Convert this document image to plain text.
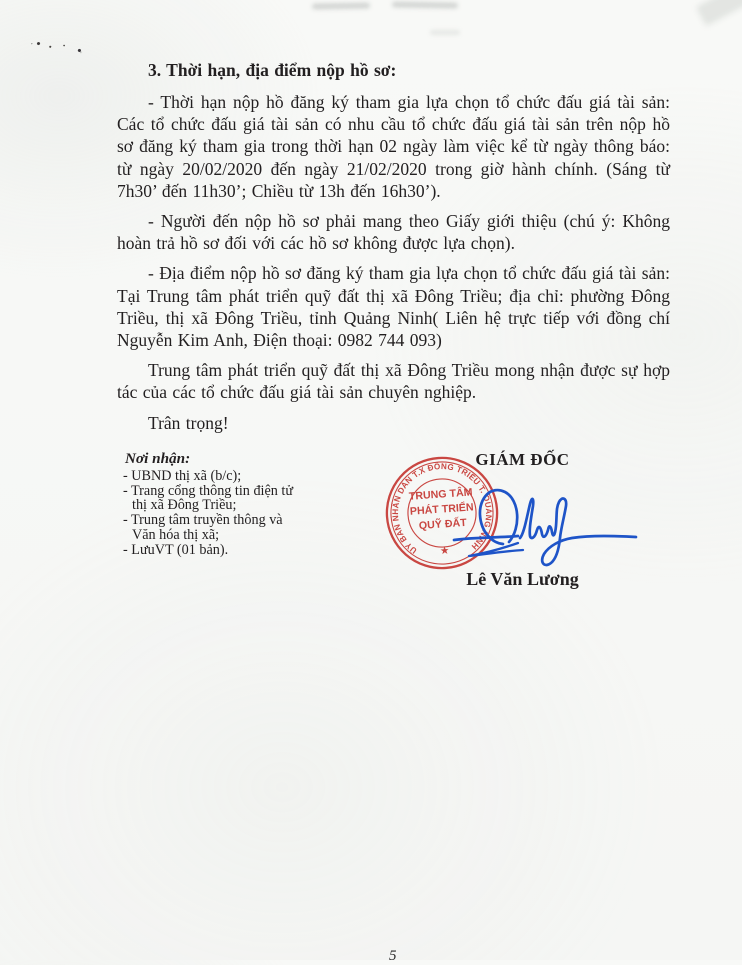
3. Thời hạn, địa điểm nộp hồ sơ:

- Thời hạn nộp hồ đăng ký tham gia lựa chọn tổ chức đấu giá tài sản: Các tổ chức đấu giá tài sản có nhu cầu tổ chức đấu giá tài sản trên nộp hồ sơ đăng ký tham gia trong thời hạn 02 ngày làm việc kể từ ngày thông báo: từ ngày 20/02/2020 đến ngày 21/02/2020 trong giờ hành chính. (Sáng từ 7h30’ đến 11h30’; Chiều từ 13h đến 16h30’).

- Người đến nộp hồ sơ phải mang theo Giấy giới thiệu (chú ý: Không hoàn trả hồ sơ đối với các hồ sơ không được lựa chọn).

- Địa điểm nộp hồ sơ đăng ký tham gia lựa chọn tổ chức đấu giá tài sản: Tại Trung tâm phát triển quỹ đất thị xã Đông Triều; địa chỉ: phường Đông Triều, thị xã Đông Triều, tỉnh Quảng Ninh( Liên hệ trực tiếp với đồng chí Nguyễn Kim Anh, Điện thoại: 0982 744 093)

Trung tâm phát triển quỹ đất thị xã Đông Triều mong nhận được sự hợp tác của các tổ chức đấu giá tài sản chuyên nghiệp.

Trân trọng!

Nơi nhận:
- UBND thị xã (b/c);
- Trang cổng thông tin điện tử
thị xã Đông Triều;
- Trung tâm truyền thông và
Văn hóa thị xã;
- LưuVT (01 bản).
GIÁM ĐỐC
ỦY BAN NHÂN DÂN T.X ĐÔNG TRIỀU T. QUẢNG NINH
TRUNG TÂM
PHÁT TRIỂN
QUỸ ĐẤT
★
Lê Văn Lương
5
